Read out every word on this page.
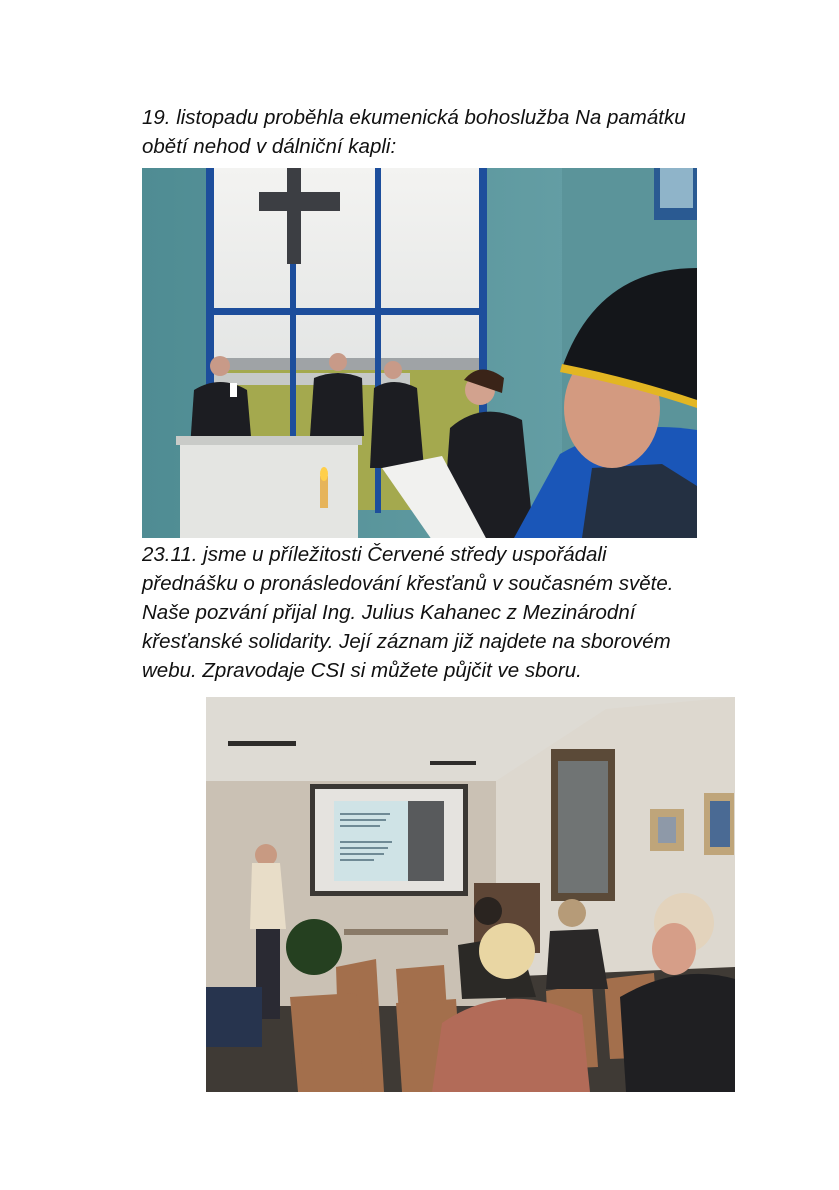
19. listopadu proběhla ekumenická bohoslužba Na památku obětí nehod v dálniční kapli:

23.11. jsme u příležitosti Červené středy uspořádali přednášku o pronásledování křesťanů v současném světe. Naše pozvání přijal Ing. Julius Kahanec z Mezinárodní křesťanské solidarity. Její záznam již najdete na sborovém webu. Zpravodaje CSI si můžete půjčit ve sboru.
